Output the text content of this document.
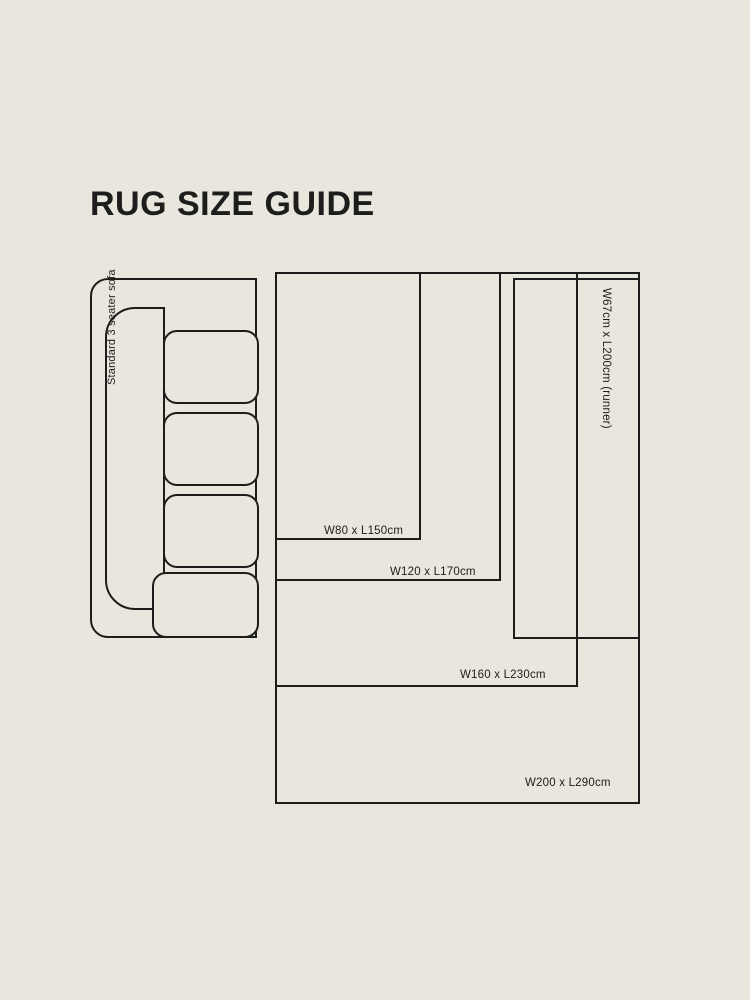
RUG SIZE GUIDE
Standard 3 seater sofa	W67cm x L200cm (runner)
W80 x L150cm
W120 x L170cm
W160 x L230cm
W200 x L290cm
